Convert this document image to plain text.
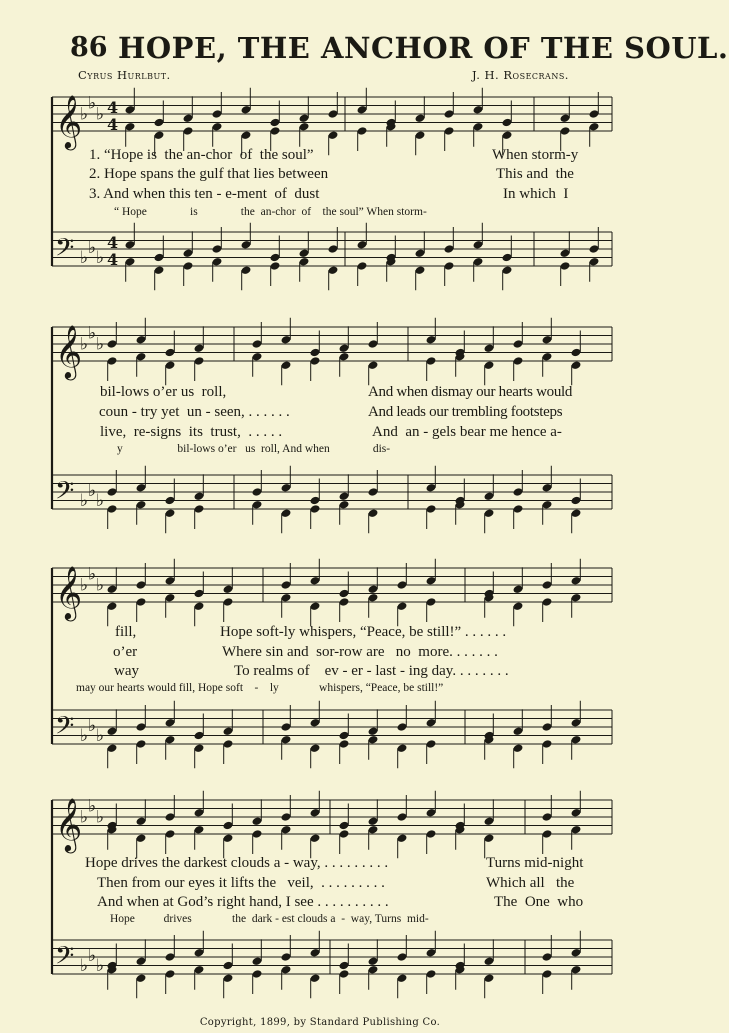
86 HOPE, THE ANCHOR OF THE SOUL.
Cyrus Hurlbut.	J. H. Rosecrans.
𝄞
♭
♭
♭ 4
4
𝄢 ♭
♭
♭
4
4
𝄞
♭
♭
♭
𝄢 ♭
♭
♭
𝄞
♭
♭
♭
𝄢 ♭
♭
♭
𝄞
♭
♭
♭
𝄢 ♭
♭
♭
1. “Hope is  the an-chor  of  the soul”	When storm-y
2. Hope spans the gulf that lies between	This and  the
3. And when this ten - e-ment  of  dust	In which  I
“ Hope               is               the  an-chor  of    the soul” When storm-
bil-lows o’er us  roll,	And when dismay our hearts would
coun - try yet  un - seen, . . . . . .	And leads our trembling footsteps
live,  re-signs  its  trust,  . . . . .	And  an - gels bear me hence a-
y                   bil-lows o’er   us  roll, And when               dis-
fill,	Hope soft-ly whispers, “Peace, be still!” . . . . . .
o’er	Where sin and  sor-row are   no  more. . . . . . .
way	To realms of    ev - er - last - ing day. . . . . . . .
may our hearts would fill, Hope soft    -    ly              whispers, “Peace, be still!”
Hope drives the darkest clouds a - way, . . . . . . . . .	Turns mid-night
Then from our eyes it lifts the   veil,  . . . . . . . . .	Which all   the
And when at God’s right hand, I see . . . . . . . . . .	The  One  who
Hope          drives              the  dark - est clouds a  -  way, Turns  mid-
Copyright, 1899, by Standard Publishing Co.
